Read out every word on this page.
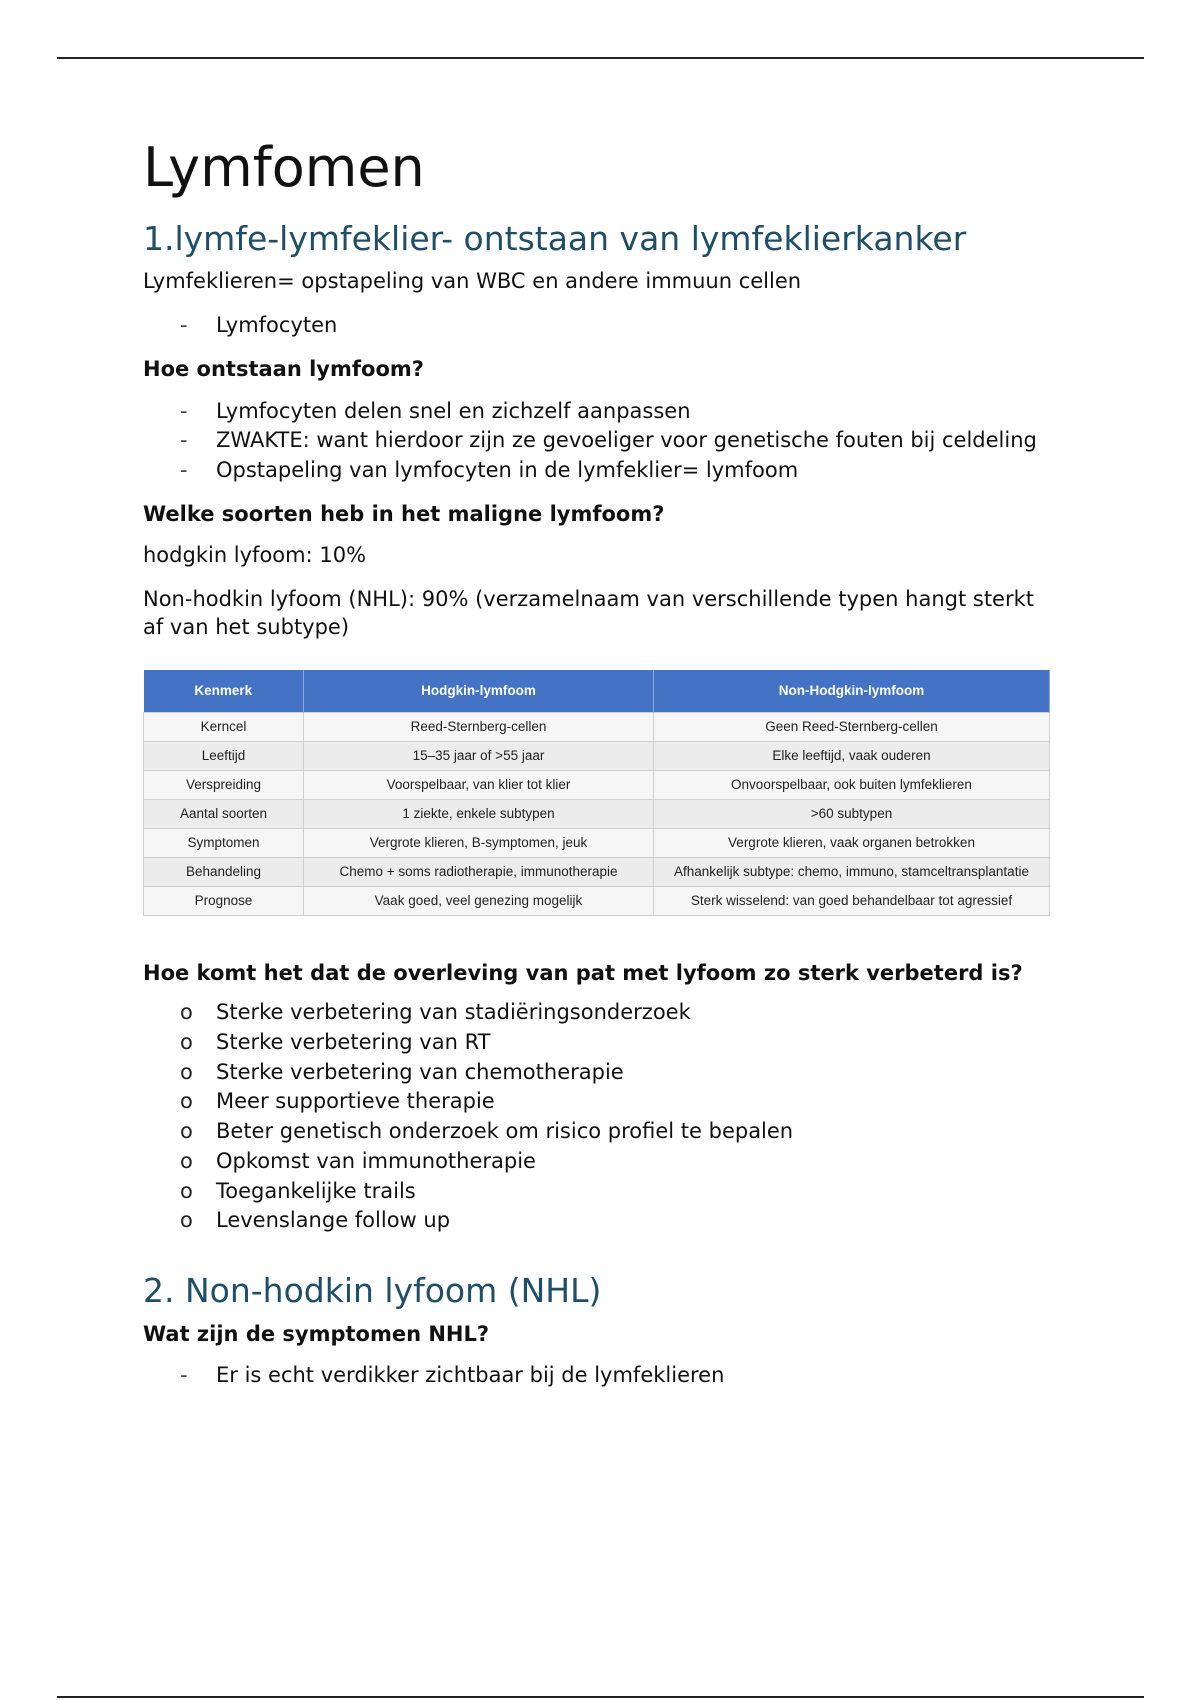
Lymfomen
1.lymfe-lymfeklier- ontstaan van lymfeklierkanker

Lymfeklieren= opstapeling van WBC en andere immuun cellen

- Lymfocyten

Hoe ontstaan lymfoom?

- Lymfocyten delen snel en zichzelf aanpassen
- ZWAKTE: want hierdoor zijn ze gevoeliger voor genetische fouten bij celdeling
- Opstapeling van lymfocyten in de lymfeklier= lymfoom

Welke soorten heb in het maligne lymfoom?

hodgkin lyfoom: 10%

Non-hodkin lyfoom (NHL): 90% (verzamelnaam van verschillende typen hangt sterkt af van het subtype)

Kenmerk	Hodgkin-lymfoom	Non-Hodgkin-lymfoom
Kerncel	Reed-Sternberg-cellen	Geen Reed-Sternberg-cellen
Leeftijd	15–35 jaar of >55 jaar	Elke leeftijd, vaak ouderen
Verspreiding	Voorspelbaar, van klier tot klier	Onvoorspelbaar, ook buiten lymfeklieren
Aantal soorten	1 ziekte, enkele subtypen	>60 subtypen
Symptomen	Vergrote klieren, B-symptomen, jeuk	Vergrote klieren, vaak organen betrokken
Behandeling	Chemo + soms radiotherapie, immunotherapie	Afhankelijk subtype: chemo, immuno, stamceltransplantatie
Prognose	Vaak goed, veel genezing mogelijk	Sterk wisselend: van goed behandelbaar tot agressief

Hoe komt het dat de overleving van pat met lyfoom zo sterk verbeterd is?

o Sterke verbetering van stadiëringsonderzoek
o Sterke verbetering van RT
o Sterke verbetering van chemotherapie
o Meer supportieve therapie
o Beter genetisch onderzoek om risico profiel te bepalen
o Opkomst van immunotherapie
o Toegankelijke trails
o Levenslange follow up
2. Non-hodkin lyfoom (NHL)

Wat zijn de symptomen NHL?

- Er is echt verdikker zichtbaar bij de lymfeklieren
